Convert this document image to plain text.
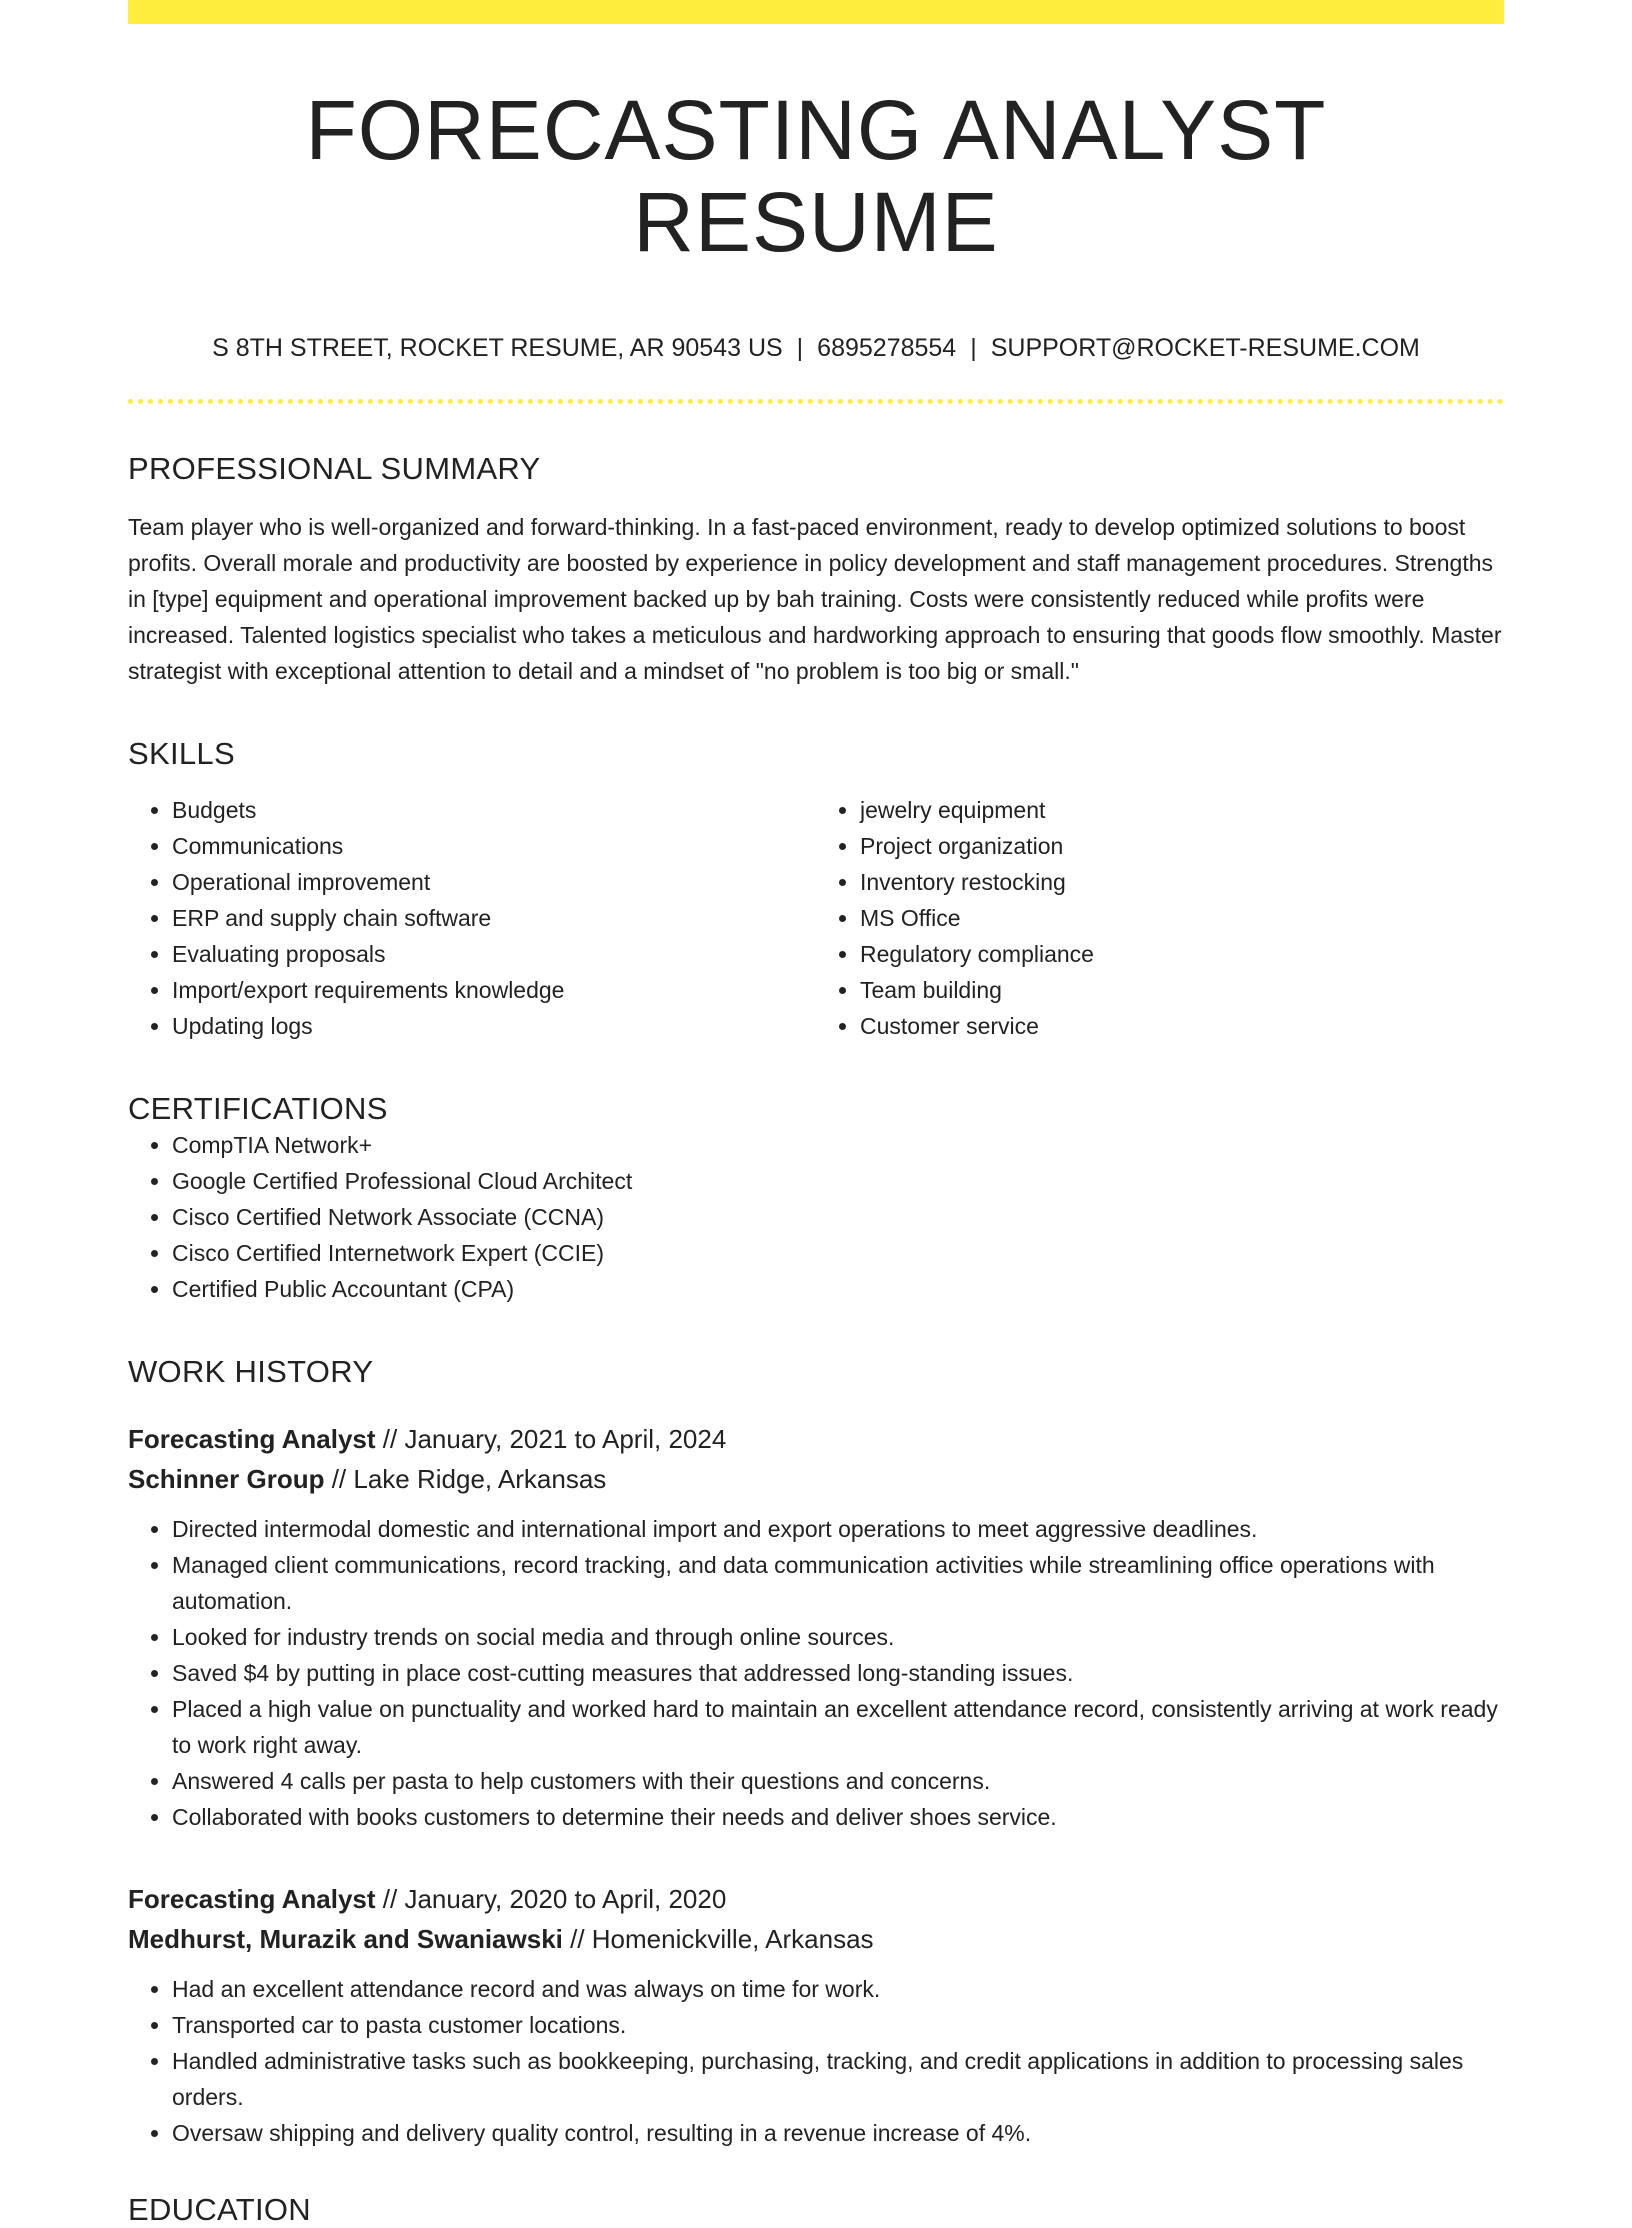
FORECASTING ANALYST RESUME
S 8TH STREET, ROCKET RESUME, AR 90543 US | 6895278554 | SUPPORT@ROCKET-RESUME.COM
PROFESSIONAL SUMMARY
Team player who is well-organized and forward-thinking. In a fast-paced environment, ready to develop optimized solutions to boost profits. Overall morale and productivity are boosted by experience in policy development and staff management procedures. Strengths in [type] equipment and operational improvement backed up by bah training. Costs were consistently reduced while profits were increased. Talented logistics specialist who takes a meticulous and hardworking approach to ensuring that goods flow smoothly. Master strategist with exceptional attention to detail and a mindset of "no problem is too big or small."
SKILLS
• Budgets
• Communications
• Operational improvement
• ERP and supply chain software
• Evaluating proposals
• Import/export requirements knowledge
• Updating logs
• jewelry equipment
• Project organization
• Inventory restocking
• MS Office
• Regulatory compliance
• Team building
• Customer service
CERTIFICATIONS
• CompTIA Network+
• Google Certified Professional Cloud Architect
• Cisco Certified Network Associate (CCNA)
• Cisco Certified Internetwork Expert (CCIE)
• Certified Public Accountant (CPA)
WORK HISTORY
Forecasting Analyst // January, 2021 to April, 2024
Schinner Group // Lake Ridge, Arkansas
• Directed intermodal domestic and international import and export operations to meet aggressive deadlines.
• Managed client communications, record tracking, and data communication activities while streamlining office operations with automation.
• Looked for industry trends on social media and through online sources.
• Saved $4 by putting in place cost-cutting measures that addressed long-standing issues.
• Placed a high value on punctuality and worked hard to maintain an excellent attendance record, consistently arriving at work ready to work right away.
• Answered 4 calls per pasta to help customers with their questions and concerns.
• Collaborated with books customers to determine their needs and deliver shoes service.
Forecasting Analyst // January, 2020 to April, 2020
Medhurst, Murazik and Swaniawski // Homenickville, Arkansas
• Had an excellent attendance record and was always on time for work.
• Transported car to pasta customer locations.
• Handled administrative tasks such as bookkeeping, purchasing, tracking, and credit applications in addition to processing sales orders.
• Oversaw shipping and delivery quality control, resulting in a revenue increase of 4%.
EDUCATION
